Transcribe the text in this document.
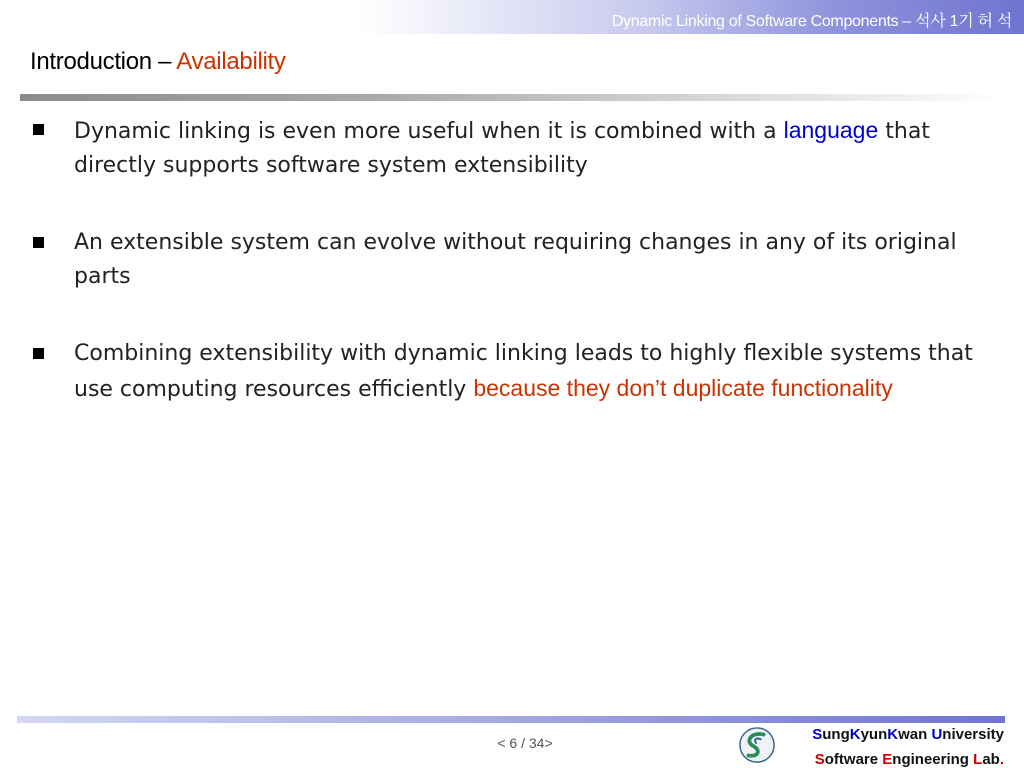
Dynamic Linking of Software Components – 석사 1기 허 석
Introduction – Availability
Dynamic linking is even more useful when it is combined with a language that directly supports software system extensibility
An extensible system can evolve without requiring changes in any of its original parts
Combining extensibility with dynamic linking leads to highly flexible systems that use computing resources efficiently because they don’t duplicate functionality
< 6 / 34>	SungKyunKwan University
Software Engineering Lab.
